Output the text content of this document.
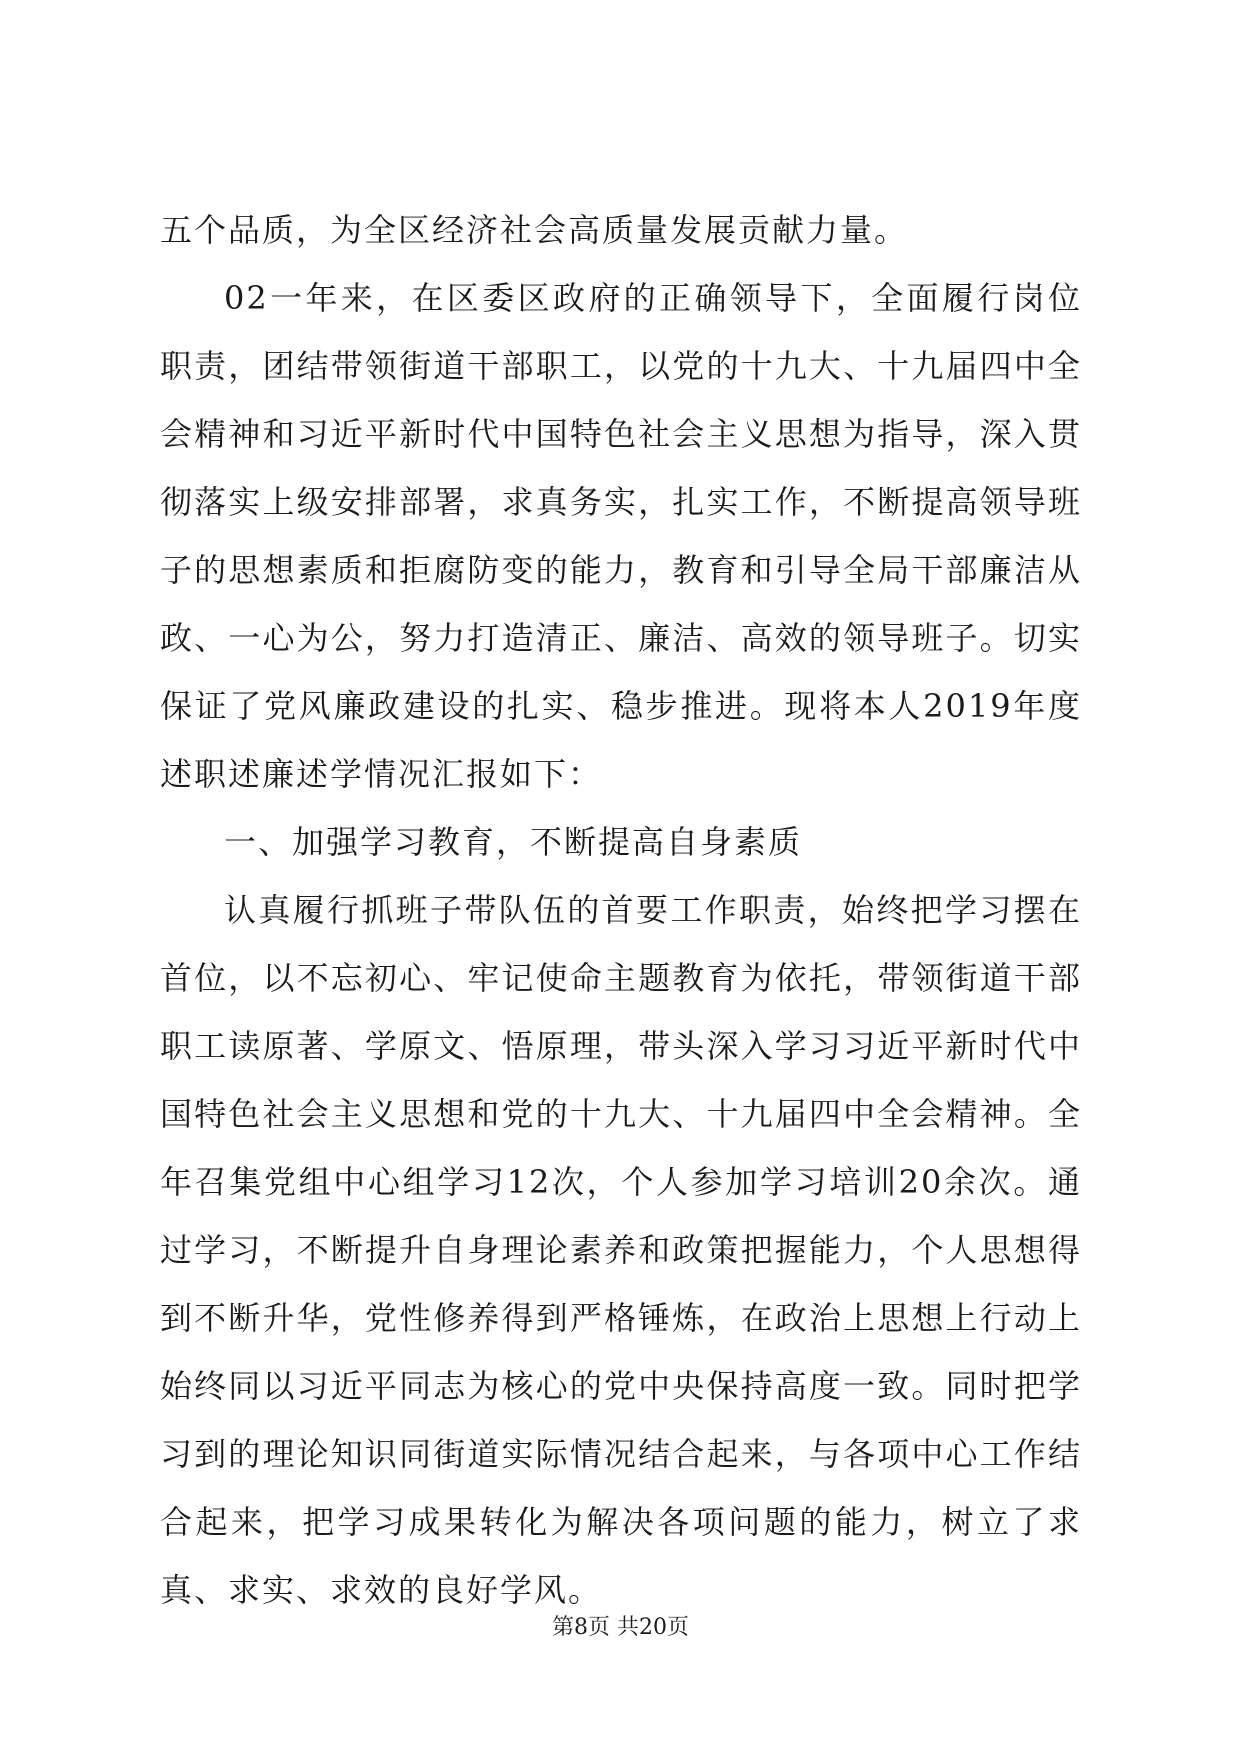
五个品质，为全区经济社会高质量发展贡献力量。

02一年来，在区委区政府的正确领导下，全面履行岗位职责，团结带领街道干部职工，以党的十九大、十九届四中全会精神和习近平新时代中国特色社会主义思想为指导，深入贯彻落实上级安排部署，求真务实，扎实工作，不断提高领导班子的思想素质和拒腐防变的能力，教育和引导全局干部廉洁从政、一心为公，努力打造清正、廉洁、高效的领导班子。切实保证了党风廉政建设的扎实、稳步推进。现将本人2019年度述职述廉述学情况汇报如下：

一、加强学习教育，不断提高自身素质

认真履行抓班子带队伍的首要工作职责，始终把学习摆在首位，以不忘初心、牢记使命主题教育为依托，带领街道干部职工读原著、学原文、悟原理，带头深入学习习近平新时代中国特色社会主义思想和党的十九大、十九届四中全会精神。全年召集党组中心组学习12次，个人参加学习培训20余次。通过学习，不断提升自身理论素养和政策把握能力，个人思想得到不断升华，党性修养得到严格锤炼，在政治上思想上行动上始终同以习近平同志为核心的党中央保持高度一致。同时把学习到的理论知识同街道实际情况结合起来，与各项中心工作结合起来，把学习成果转化为解决各项问题的能力，树立了求真、求实、求效的良好学风。

第8页 共20页
